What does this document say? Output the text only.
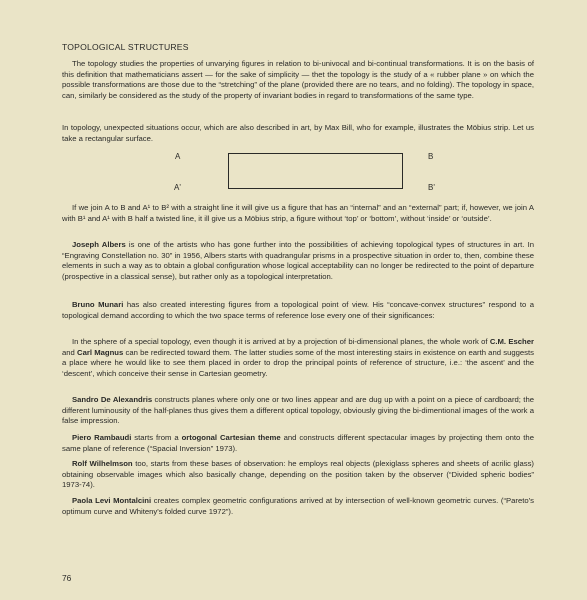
TOPOLOGICAL STRUCTURES

The topology studies the properties of unvarying figures in relation to bi-univocal and bi-continual transformations. It is on the basis of this definition that mathematicians assert — for the sake of simplicity — thet the topology is the study of a « rubber plane » on which the possible transformations are those due to the “stretching” of the plane (provided there are no tears, and no folding). The topology in space, can, similarly be considered as the study of the property of invariant bodies in regard to transformations of the same type.

In topology, unexpected situations occur, which are also described in art, by Max Bill, who for example, illustrates the Möbius strip. Let us take a rectangular surface.

A	B
A'	B'

If we join A to B and A¹ to B² with a straight line it will give us a figure that has an “internal” and an “external” part; if, however, we join A with B¹ and A¹ with B half a twisted line, it ill give us a Möbius strip, a figure without ‘top’ or ‘bottom’, without ‘inside’ or ‘outside’.

Joseph Albers is one of the artists who has gone further into the possibilities of achieving topological types of structures in art. In “Engraving Constellation no. 30” in 1956, Albers starts with quadrangular prisms in a prospective situation in order to, then, combine these elements in such a way as to obtain a global configuration whose logical acceptability can no longer be redirected to the point of departure (prospective in a classical sense), but rather only as a topological interpretation.

Bruno Munari has also created interesting figures from a topological point of view. His “concave-convex structures” respond to a topological demand according to which the two space terms of reference lose every one of their significances:

In the sphere of a special topology, even though it is arrived at by a projection of bi-dimensional planes, the whole work of C.M. Escher and Carl Magnus can be redirected toward them. The latter studies some of the most interesting stairs in existence on earth and suggests a place where he would like to see them placed in order to drop the principal points of reference of structure, i.e.: ‘the ascent’ and the ‘descent’, which conceive their sense in Cartesian geometry.

Sandro De Alexandris constructs planes where only one or two lines appear and are dug up with a point on a piece of cardboard; the different luminousity of the half-planes thus gives them a different optical topology, obviously giving the bi-dimentional images of the work a false impression.

Piero Rambaudi starts from a ortogonal Cartesian theme and constructs different spectacular images by projecting them onto the same plane of reference (“Spacial Inversion” 1973).

Rolf Wilhelmson too, starts from these bases of observation: he employs real objects (plexiglass spheres and sheets of acrilic glass) obtaining observable images which also basically change, depending on the position taken by the observer (“Divided spheric bodies” 1973-74).

Paola Levi Montalcini creates complex geometric configurations arrived at by intersection of well-known geometric curves. (“Pareto's optimum curve and Whiteny's folded curve 1972”).

76
